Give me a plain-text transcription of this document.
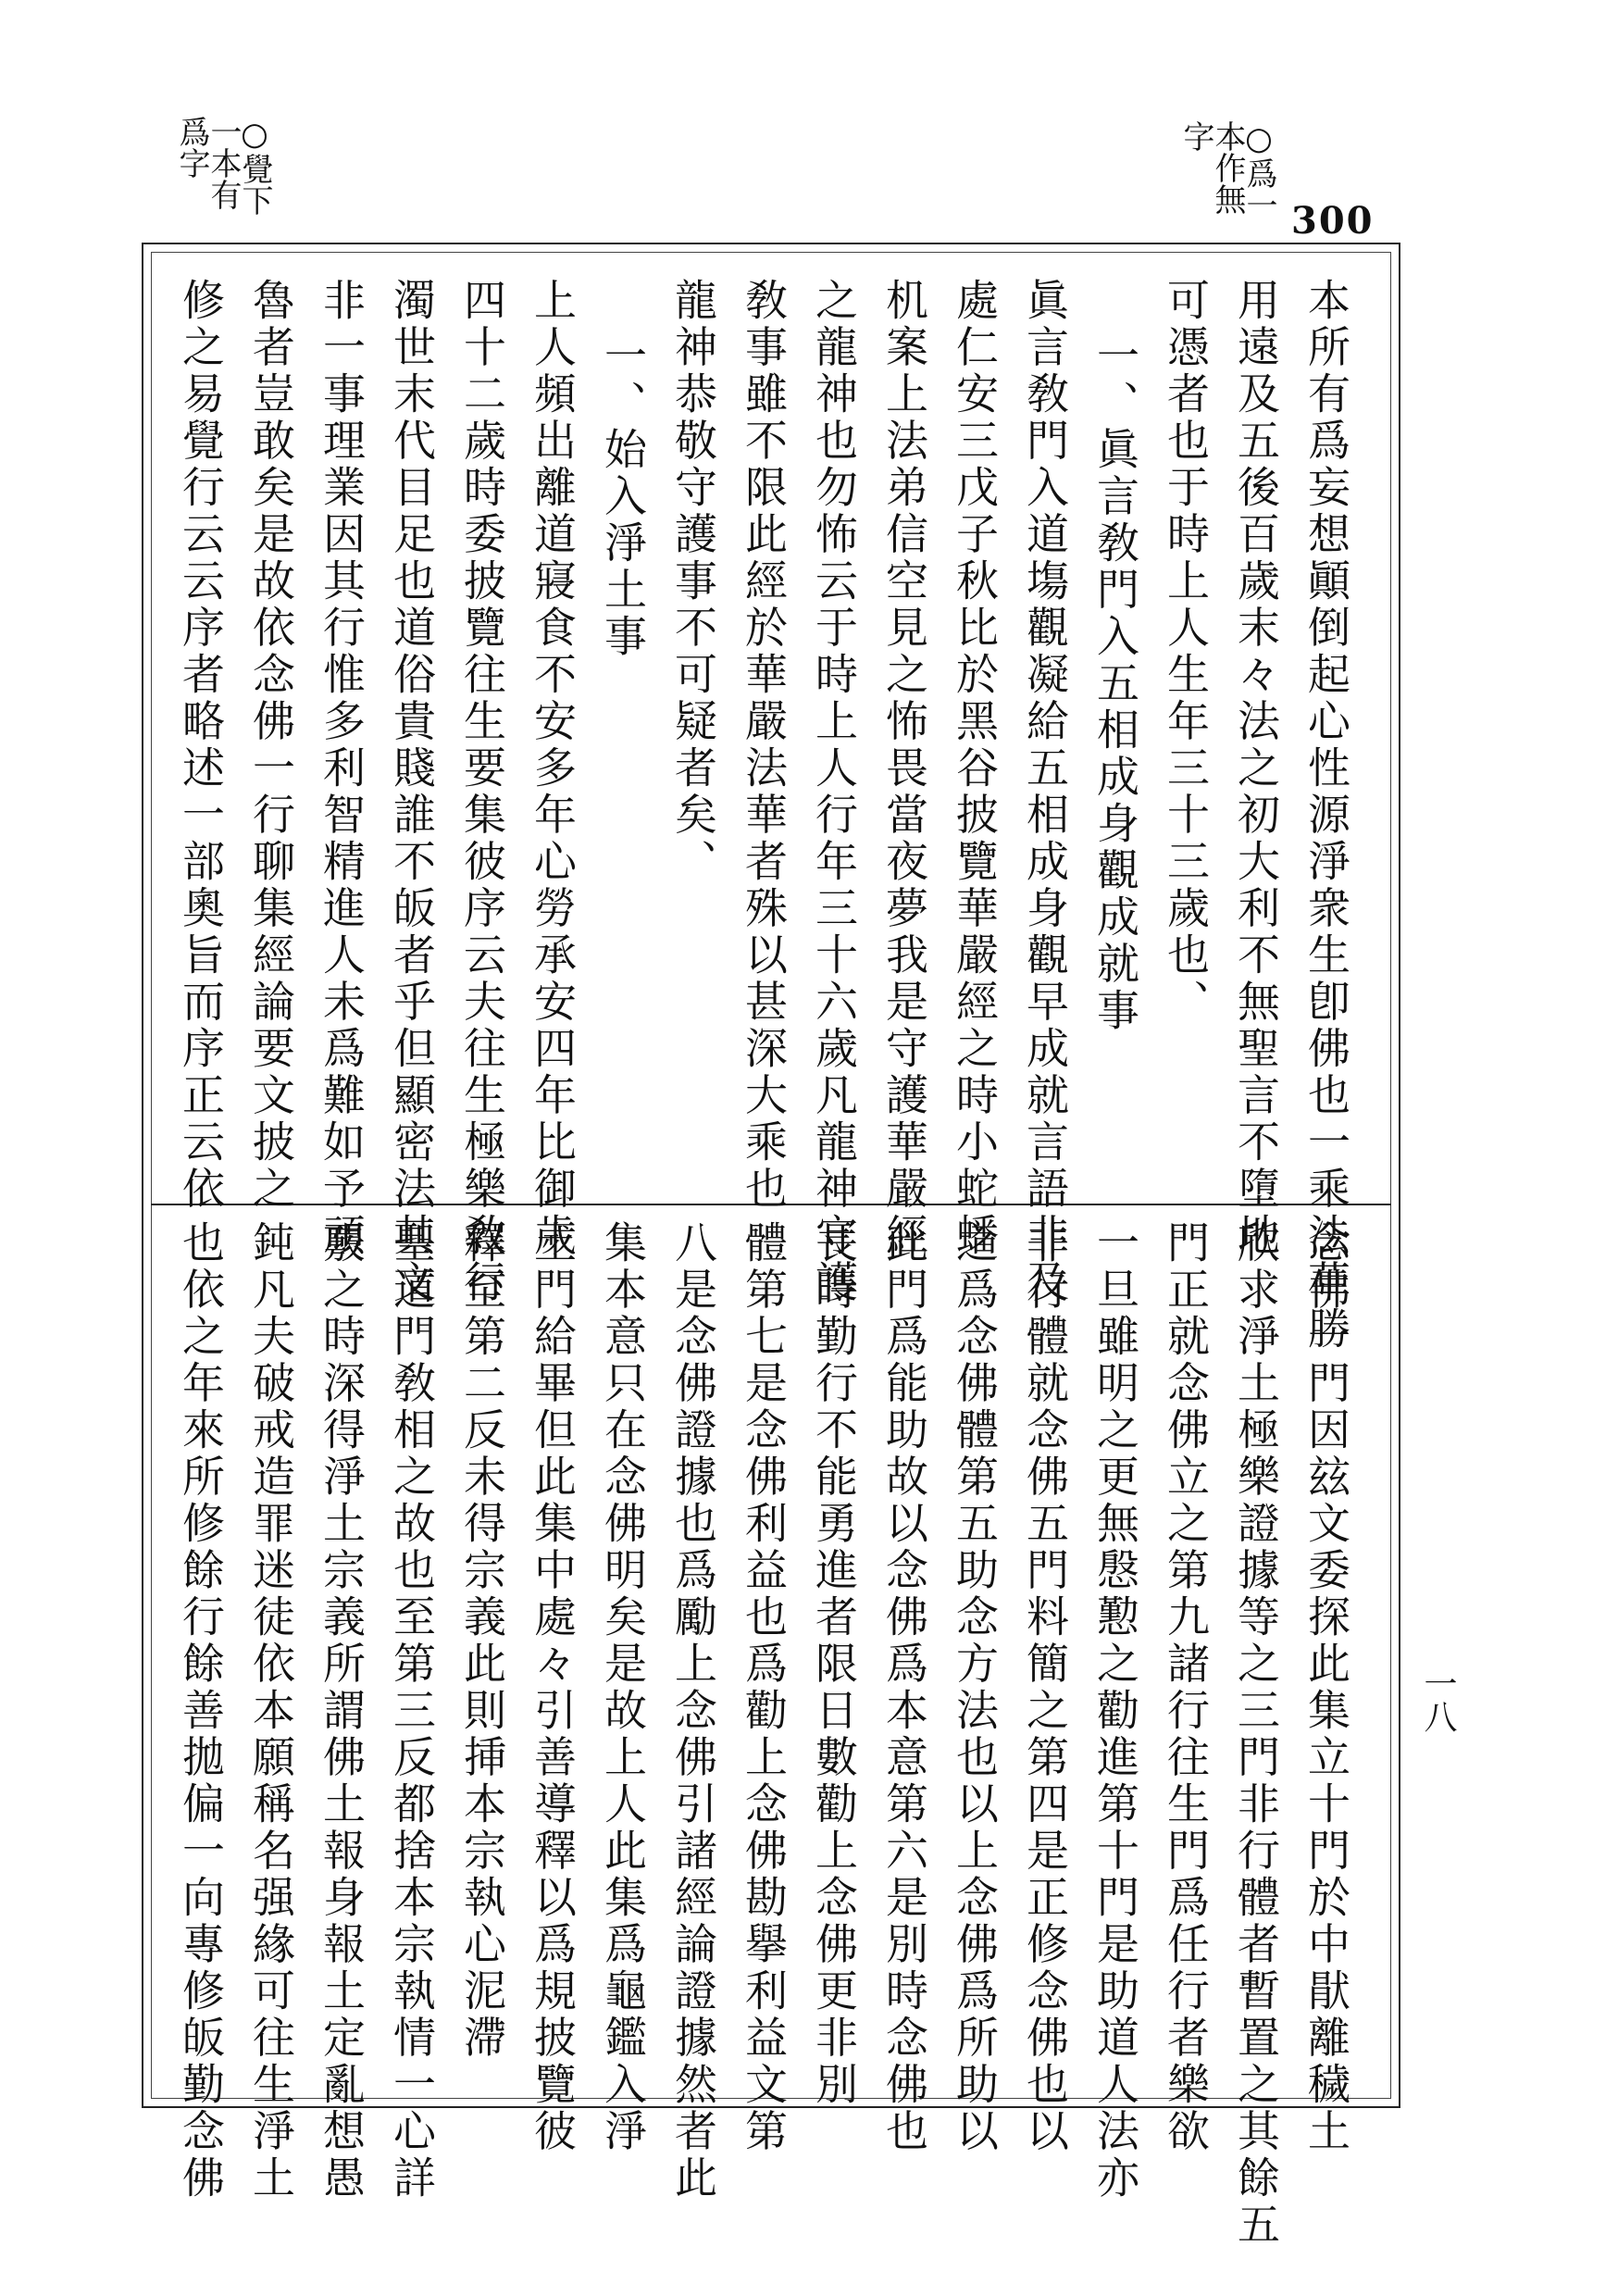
300
○爲一本作無字
○覺下一本有爲字
一八
本所有爲妄想顚倒起心性源淨衆生卽佛也一乘法華勝
用遠及五後百歲末々法之初大利不無聖言不墮地
可憑者也于時上人生年三十三歲也、
一、眞言敎門入五相成身觀成就事
眞言敎門入道塲觀凝給五相成身觀早成就言語非及
處仁安三戊子秋比於黑谷披覽華嚴經之時小蛇蟠
机案上法弟信空見之怖畏當夜夢我是守護華嚴經
之龍神也勿怖云于時上人行年三十六歲凡龍神守護
敎事雖不限此經於華嚴法華者殊以甚深大乘也
龍神恭敬守護事不可疑者矣、
一、始入淨土事
上人頻出離道寢食不安多年心勞承安四年比御歲
四十二歲時委披覽往生要集彼序云夫往生極樂敎行
濁世末代目足也道俗貴賤誰不皈者乎但顯密法其文
非一事理業因其行惟多利智精進人未爲難如予頑
魯者豈敢矣是故依念佛一行聊集經論要文披之
修之易覺行云云序者略述一部奧旨而序正云依
念佛一門因玆文委探此集立十門於中猒離穢土
欣求淨土極樂證據等之三門非行體者暫置之其餘五
門正就念佛立之第九諸行往生門爲任行者樂欲
一旦雖明之更無慇懃之勸進第十門是助道人法亦
非行體就念佛五門料簡之第四是正修念佛也以
之爲念佛體第五助念方法也以上念佛爲所助以
此門爲能助故以念佛爲本意第六是別時念佛也
長時勤行不能勇進者限日數勸上念佛更非別
體第七是念佛利益也爲勸上念佛勘擧利益文第
八是念佛證據也爲勵上念佛引諸經論證據然者此
集本意只在念佛明矣是故上人此集爲龜鑑入淨
土門給畢但此集中處々引善導釋以爲規披覽彼
釋至第二反未得宗義此則挿本宗執心泥滯
聖道門敎相之故也至第三反都捨本宗執情一心詳
覈之時深得淨土宗義所謂佛土報身報土定亂想愚
鈍凡夫破戒造罪迷徒依本願稱名强緣可往生淨土
也依之年來所修餘行餘善拋偏一向專修皈勤念佛
